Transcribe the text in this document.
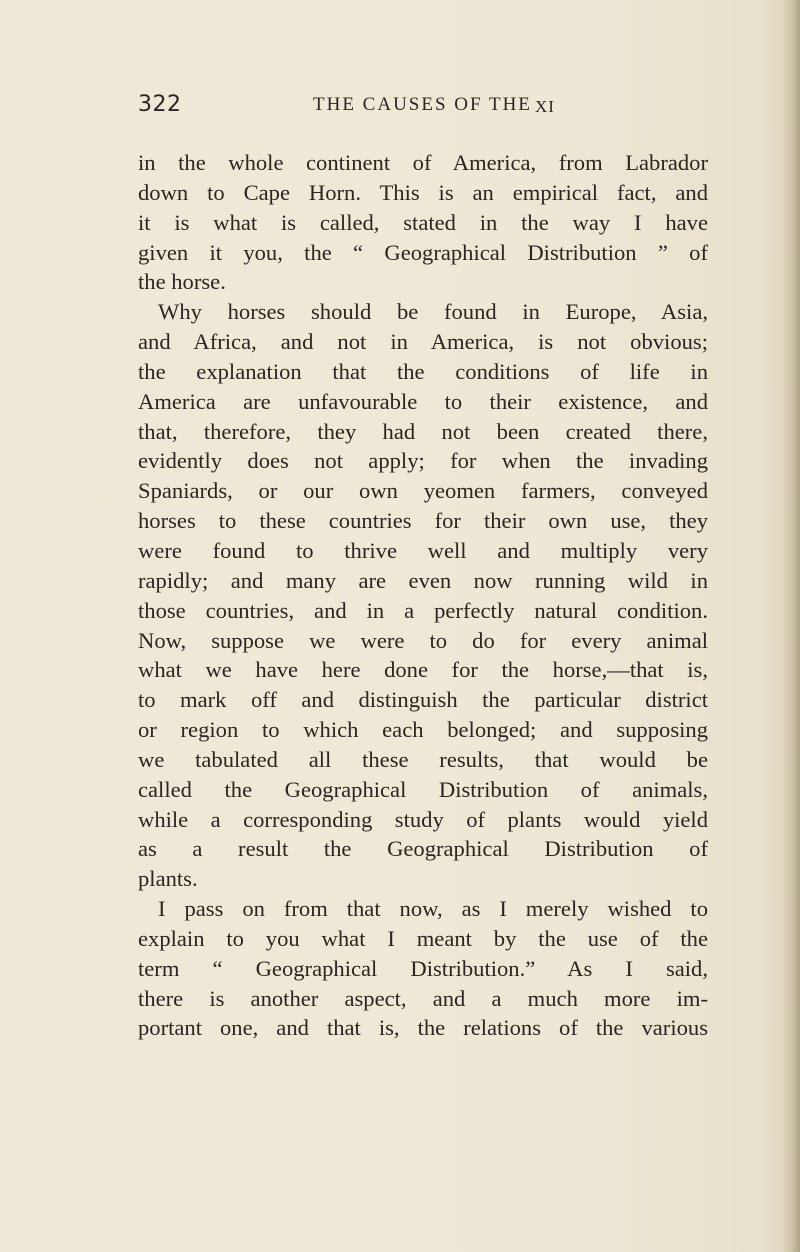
322	THE CAUSES OF THE XI
in the whole continent of America, from Labrador
down to Cape Horn. This is an empirical fact, and
it is what is called, stated in the way I have
given it you, the “ Geographical Distribution ” of
the horse.
Why horses should be found in Europe, Asia,
and Africa, and not in America, is not obvious;
the explanation that the conditions of life in
America are unfavourable to their existence, and
that, therefore, they had not been created there,
evidently does not apply; for when the invading
Spaniards, or our own yeomen farmers, conveyed
horses to these countries for their own use, they
were found to thrive well and multiply very
rapidly; and many are even now running wild in
those countries, and in a perfectly natural condition.
Now, suppose we were to do for every animal
what we have here done for the horse,—that is,
to mark off and distinguish the particular district
or region to which each belonged; and supposing
we tabulated all these results, that would be
called the Geographical Distribution of animals,
while a corresponding study of plants would yield
as a result the Geographical Distribution of
plants.
I pass on from that now, as I merely wished to
explain to you what I meant by the use of the
term “ Geographical Distribution.” As I said,
there is another aspect, and a much more im-
portant one, and that is, the relations of the various
